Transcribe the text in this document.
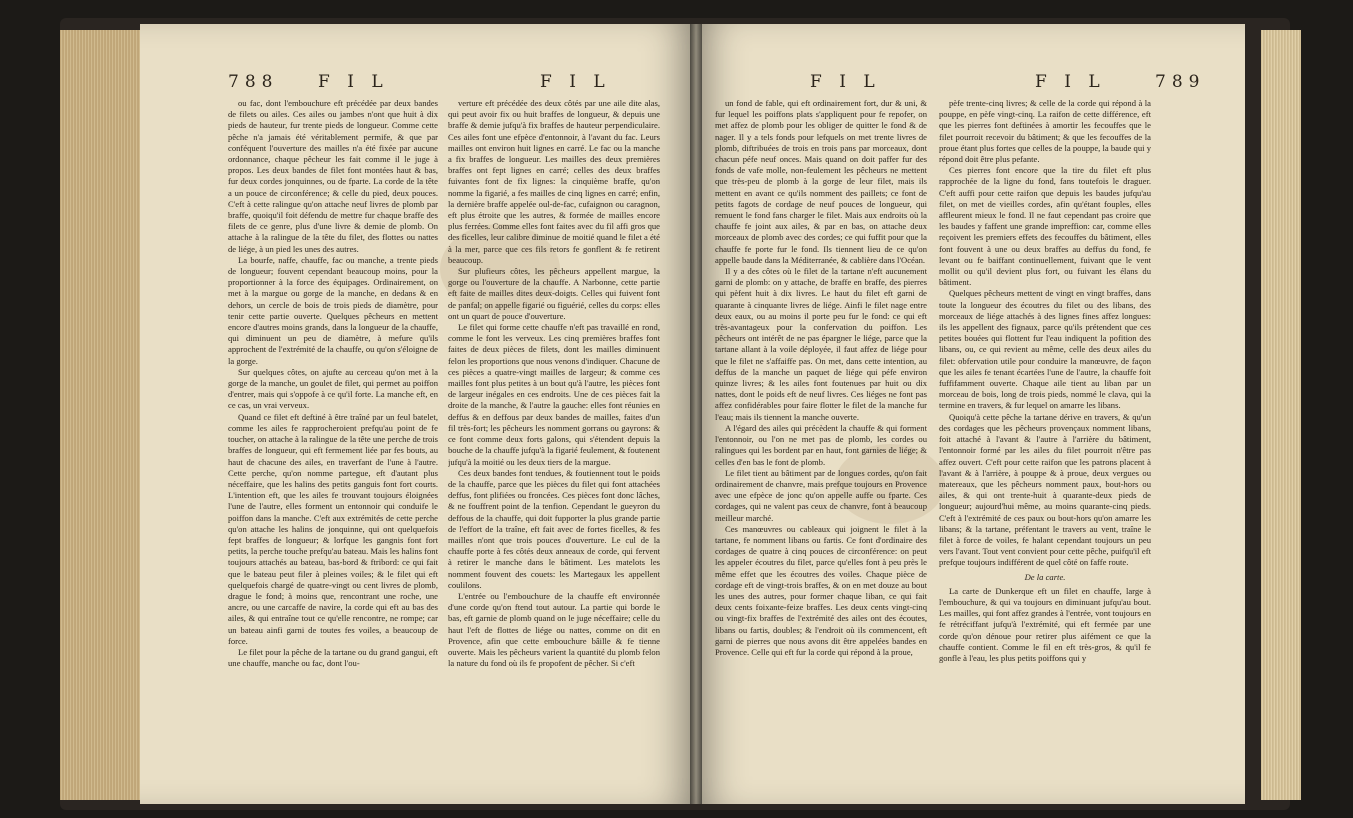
788 F I L	F I L

ou fac, dont l'embouchure eft précédée par deux bandes de filets ou ailes. Ces ailes ou jambes n'ont que huit à dix pieds de hauteur, fur trente pieds de longueur. Comme cette pêche n'a jamais été véritablement permife, & que par conféquent l'ouverture des mailles n'a été fixée par aucune ordonnance, chaque pêcheur les fait comme il le juge à propos. Les deux bandes de filet font montées haut & bas, fur deux cordes jonquinnes, ou de fparte. La corde de la tête a un pouce de circonférence; & celle du pied, deux pouces. C'eft à cette ralingue qu'on attache neuf livres de plomb par braffe, quoiqu'il foit défendu de mettre fur chaque braffe des filets de ce genre, plus d'une livre & demie de plomb. On attache à la ralingue de la tête du filet, des flottes ou nattes de liége, à un pied les unes des autres.

La bourfe, naffe, chauffe, fac ou manche, a trente pieds de longueur; fouvent cependant beaucoup moins, pour la proportionner à la force des équipages. Ordinairement, on met à la margue ou gorge de la manche, en dedans & en dehors, un cercle de bois de trois pieds de diamètre, pour tenir cette partie ouverte. Quelques pêcheurs en mettent encore d'autres moins grands, dans la longueur de la chauffe, qui diminuent un peu de diamètre, à mefure qu'ils approchent de l'extrémité de la chauffe, ou qu'on s'éloigne de la gorge.

Sur quelques côtes, on ajufte au cerceau qu'on met à la gorge de la manche, un goulet de filet, qui permet au poiffon d'entrer, mais qui s'oppofe à ce qu'il forte. La manche eft, en ce cas, un vrai verveux.

Quand ce filet eft deftiné à être traîné par un feul batelet, comme les ailes fe rapprocheroient prefqu'au point de fe toucher, on attache à la ralingue de la tête une perche de trois braffes de longueur, qui eft fermement liée par fes bouts, au haut de chacune des ailes, en traverfant de l'une à l'autre. Cette perche, qu'on nomme partegue, eft d'autant plus néceffaire, que les halins des petits ganguis font fort courts. L'intention eft, que les ailes fe trouvant toujours éloignées l'une de l'autre, elles forment un entonnoir qui conduife le poiffon dans la manche. C'eft aux extrémités de cette perche qu'on attache les halins de jonquinne, qui ont quelquefois fept braffes de longueur; & lorfque les gangnis font fort petits, la perche touche prefqu'au bateau. Mais les halins font toujours attachés au bateau, bas-bord & ftribord: ce qui fait que le bateau peut filer à pleines voiles; & le filet qui eft quelquefois chargé de quatre-vingt ou cent livres de plomb, drague le fond; à moins que, rencontrant une roche, une ancre, ou une carcaffe de navire, la corde qui eft au bas des ailes, & qui entraîne tout ce qu'elle rencontre, ne rompe; car un bateau ainfi garni de toutes fes voiles, a beaucoup de force.

Le filet pour la pêche de la tartane ou du grand gangui, eft une chauffe, manche ou fac, dont l'ou-

verture eft précédée des deux côtés par une aile dite alas, qui peut avoir fix ou huit braffes de longueur, & depuis une braffe & demie jufqu'à fix braffes de hauteur perpendiculaire. Ces ailes font une efpèce d'entonnoir, à l'avant du fac. Leurs mailles ont environ huit lignes en carré. Le fac ou la manche a fix braffes de longueur. Les mailles des deux premières braffes ont fept lignes en carré; celles des deux braffes fuivantes font de fix lignes: la cinquième braffe, qu'on nomme la figarié, a fes mailles de cinq lignes en carré; enfin, la dernière braffe appelée oul-de-fac, cufaignon ou caragnon, eft plus étroite que les autres, & formée de mailles encore plus ferrées. Comme elles font faites avec du fil affi gros que des ficelles, leur calibre diminue de moitié quand le filet a été à la mer, parce que ces fils retors fe gonflent & fe retirent beaucoup.

Sur plufieurs côtes, les pêcheurs appellent margue, la gorge ou l'ouverture de la chauffe. A Narbonne, cette partie eft faite de mailles dites deux-doigts. Celles qui fuivent font de panfal; on appelle figarié ou figuérié, celles du corps: elles ont un quart de pouce d'ouverture.

Le filet qui forme cette chauffe n'eft pas travaillé en rond, comme le font les verveux. Les cinq premières braffes font faites de deux pièces de filets, dont les mailles diminuent felon les proportions que nous venons d'indiquer. Chacune de ces pièces a quatre-vingt mailles de largeur; & comme ces mailles font plus petites à un bout qu'à l'autre, les pièces font de largeur inégales en ces endroits. Une de ces pièces fait la droite de la manche, & l'autre la gauche: elles font réunies en deffus & en deffous par deux bandes de mailles, faites d'un fil très-fort; les pêcheurs les nomment gorrans ou gayrons: & ce font comme deux forts galons, qui s'étendent depuis la bouche de la chauffe jufqu'à la figarié feulement, & foutenent jufqu'à la moitié ou les deux tiers de la margue.

Ces deux bandes font tendues, & foutiennent tout le poids de la chauffe, parce que les pièces du filet qui font attachées deffus, font plifiées ou froncées. Ces pièces font donc lâches, & ne fouffrent point de la tenfion. Cependant le gueyron du deffous de la chauffe, qui doit fupporter la plus grande partie de l'effort de la traîne, eft fait avec de fortes ficelles, & fes mailles n'ont que trois pouces d'ouverture. Le cul de la chauffe porte à fes côtés deux anneaux de corde, qui fervent à retirer le manche dans le bâtiment. Les matelots les nomment fouvent des couets: les Martegaux les appellent coulilons.

L'entrée ou l'embouchure de la chauffe eft environnée d'une corde qu'on ftend tout autour. La partie qui borde le bas, eft garnie de plomb quand on le juge néceffaire; celle du haut l'eft de flottes de liége ou nattes, comme on dit en Provence, afin que cette embouchure bâille & fe tienne ouverte. Mais les pêcheurs varient la quantité du plomb felon la nature du fond où ils fe propofent de pêcher. Si c'eft

F I L	F I L	789

un fond de fable, qui eft ordinairement fort, dur & uni, & fur lequel les poiffons plats s'appliquent pour fe repofer, on met affez de plomb pour les obliger de quitter le fond & de nager. Il y a tels fonds pour lefquels on met trente livres de plomb, diftribuées de trois en trois pans par morceaux, dont chacun péfe neuf onces. Mais quand on doit paffer fur des fonds de vafe molle, non-feulement les pêcheurs ne mettent que très-peu de plomb à la gorge de leur filet, mais ils mettent en avant ce qu'ils nomment des paillets; ce font de petits fagots de cordage de neuf pouces de longueur, qui remuent le fond fans charger le filet. Mais aux endroits où la chauffe fe joint aux ailes, & par en bas, on attache deux morceaux de plomb avec des cordes; ce qui fuffit pour que la chauffe fe porte fur le fond. Ils tiennent lieu de ce qu'on appelle baude dans la Méditerranée, & cablière dans l'Océan.

Il y a des côtes où le filet de la tartane n'eft aucunement garni de plomb: on y attache, de braffe en braffe, des pierres qui pèfent huit à dix livres. Le haut du filet eft garni de quarante à cinquante livres de liége. Ainfi le filet nage entre deux eaux, ou au moins il porte peu fur le fond: ce qui eft très-avantageux pour la confervation du poiffon. Les pêcheurs ont intérêt de ne pas épargner le liége, parce que la tartane allant à la voile déployée, il faut affez de liége pour que le filet ne s'affaiffe pas. On met, dans cette intention, au deffus de la manche un paquet de liége qui péfe environ quinze livres; & les ailes font foutenues par huit ou dix nattes, dont le poids eft de neuf livres. Ces liéges ne font pas affez confidérables pour faire flotter le filet de la manche fur l'eau; mais ils tiennent la manche ouverte.

A l'égard des ailes qui précèdent la chauffe & qui forment l'entonnoir, ou l'on ne met pas de plomb, les cordes ou ralingues qui les bordent par en haut, font garnies de liége; & celles d'en bas le font de plomb.

Le filet tient au bâtiment par de longues cordes, qu'on fait ordinairement de chanvre, mais prefque toujours en Provence avec une efpèce de jonc qu'on appelle auffe ou fparte. Ces cordages, qui ne valent pas ceux de chanvre, font à beaucoup meilleur marché.

Ces manœuvres ou cableaux qui joignent le filet à la tartane, fe nomment libans ou fartis. Ce font d'ordinaire des cordages de quatre à cinq pouces de circonférence: on peut les appeler écoutres du filet, parce qu'elles font à peu près le même effet que les écoutres des voiles. Chaque pièce de cordage eft de vingt-trois braffes, & on en met douze au bout les unes des autres, pour former chaque liban, ce qui fait deux cents foixante-feize braffes. Les deux cents vingt-cinq ou vingt-fix braffes de l'extrémité des ailes ont des écoutes, libans ou fartis, doubles; & l'endroit où ils commencent, eft garni de pierres que nous avons dit être appelées bandes en Provence. Celle qui eft fur la corde qui répond à la proue,

pèfe trente-cinq livres; & celle de la corde qui répond à la pouppe, en pèfe vingt-cinq. La raifon de cette différence, eft que les pierres font deftinées à amortir les fecouffes que le filet pourroit recevoir du bâtiment; & que les fecouffes de la proue étant plus fortes que celles de la pouppe, la baude qui y répond doit être plus pefante.

Ces pierres font encore que la tire du filet eft plus rapprochée de la ligne du fond, fans toutefois le draguer. C'eft auffi pour cette raifon que depuis les baudes jufqu'au filet, on met de vieilles cordes, afin qu'étant fouples, elles affleurent mieux le fond. Il ne faut cependant pas croire que les baudes y faffent une grande impreffion: car, comme elles reçoivent les premiers effets des fecouffes du bâtiment, elles font fouvent à une ou deux braffes au deffus du fond, fe levant ou fe baiffant continuellement, fuivant que le vent mollit ou qu'il devient plus fort, ou fuivant les élans du bâtiment.

Quelques pêcheurs mettent de vingt en vingt braffes, dans toute la longueur des écoutres du filet ou des libans, des morceaux de liége attachés à des lignes fines affez longues: ils les appellent des fignaux, parce qu'ils prétendent que ces petites bouées qui flottent fur l'eau indiquent la pofition des libans, ou, ce qui revient au même, celle des deux ailes du filet: obfervation utile pour conduire la manœuvre, de façon que les ailes fe tenant écartées l'une de l'autre, la chauffe foit fuffifamment ouverte. Chaque aile tient au liban par un morceau de bois, long de trois pieds, nommé le clava, qui la termine en travers, & fur lequel on amarre les libans.

Quoiqu'à cette pêche la tartane dérive en travers, & qu'un des cordages que les pêcheurs provençaux nomment libans, foit attaché à l'avant & l'autre à l'arrière du bâtiment, l'entonnoir formé par les ailes du filet pourroit n'être pas affez ouvert. C'eft pour cette raifon que les patrons placent à l'avant & à l'arrière, à pouppe & à proue, deux vergues ou matereaux, que les pêcheurs nomment paux, bout-hors ou ailes, & qui ont trente-huit à quarante-deux pieds de longueur; aujourd'hui même, au moins quarante-cinq pieds. C'eft à l'extrémité de ces paux ou bout-hors qu'on amarre les libans; & la tartane, préfentant le travers au vent, traîne le filet à force de voiles, fe halant cependant toujours un peu vers l'avant. Tout vent convient pour cette pêche, puifqu'il eft prefque toujours indifférent de quel côté on faffe route.

De la carte.

La carte de Dunkerque eft un filet en chauffe, large à l'embouchure, & qui va toujours en diminuant jufqu'au bout. Les mailles, qui font affez grandes à l'entrée, vont toujours en fe rétréciffant jufqu'à l'extrémité, qui eft fermée par une corde qu'on dénoue pour retirer plus aifément ce que la chauffe contient. Comme le fil en eft très-gros, & qu'il fe gonfle à l'eau, les plus petits poiffons qui y
